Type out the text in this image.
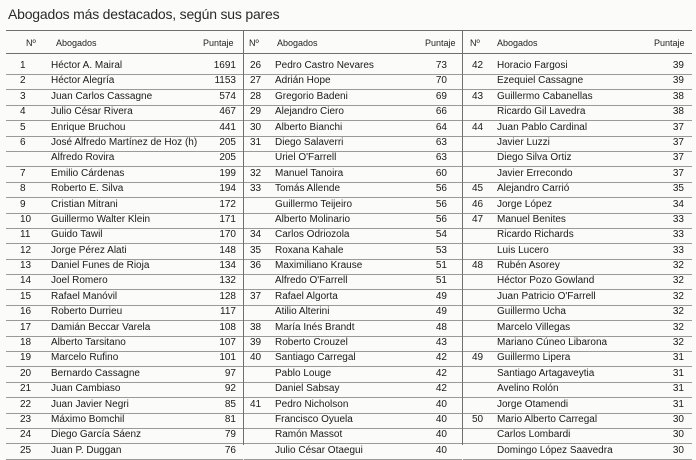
Abogados más destacados, según sus pares
Nº Abogados	Puntaje
1	Héctor A. Mairal	1691
2	Héctor Alegría	1153
3	Juan Carlos Cassagne	574
4	Julio César Rivera	467
5	Enrique Bruchou	441
6	José Alfredo Martínez de Hoz (h) 205
Alfredo Rovira	205
7	Emilio Cárdenas	199
8	Roberto E. Silva	194
9	Cristian Mitrani	172
10 Guillermo Walter Klein	171
11 Guido Tawil	170
12 Jorge Pérez Alati	148
13 Daniel Funes de Rioja	134
14 Joel Romero	132
15 Rafael Manóvil	128
16 Roberto Durrieu	117
17 Damián Beccar Varela	108
18 Alberto Tarsitano	107
19 Marcelo Rufino	101
20 Bernardo Cassagne	97
21 Juan Cambiaso	92
22 Juan Javier Negri	85
23 Máximo Bomchil	81
24 Diego García Sáenz	79
25 Juan P. Duggan	76
Nº Abogados	Puntaje
26 Pedro Castro Nevares	73
27 Adrián Hope	70
28 Gregorio Badeni	69
29 Alejandro Ciero	66
30 Alberto Bianchi	64
31 Diego Salaverri	63
Uriel O'Farrell	63
32 Manuel Tanoira	60
33 Tomás Allende	56
Guillermo Teijeiro	56
Alberto Molinario	56
34 Carlos Odriozola	54
35 Roxana Kahale	53
36 Maximiliano Krause	51
Alfredo O'Farrell	51
37 Rafael Algorta	49
Atilio Alterini	49
38 María Inés Brandt	48
39 Roberto Crouzel	43
40 Santiago Carregal	42
Pablo Louge	42
Daniel Sabsay	42
41 Pedro Nicholson	40
Francisco Oyuela	40
Ramón Massot	40
Julio César Otaegui	40
Nº Abogados	Puntaje
42 Horacio Fargosi	39
Ezequiel Cassagne	39
43 Guillermo Cabanellas	38
Ricardo Gil Lavedra	38
44 Juan Pablo Cardinal	37
Javier Luzzi	37
Diego Silva Ortiz	37
Javier Errecondo	37
45 Alejandro Carrió	35
46 Jorge López	34
47 Manuel Benites	33
Ricardo Richards	33
Luis Lucero	33
48 Rubén Asorey	32
Héctor Pozo Gowland	32
Juan Patricio O'Farrell	32
Guillermo Ucha	32
Marcelo Villegas	32
Mariano Cúneo Libarona	32
49 Guillermo Lipera	31
Santiago Artagaveytia	31
Avelino Rolón	31
Jorge Otamendi	31
50 Mario Alberto Carregal	30
Carlos Lombardi	30
Domingo López Saavedra	30
